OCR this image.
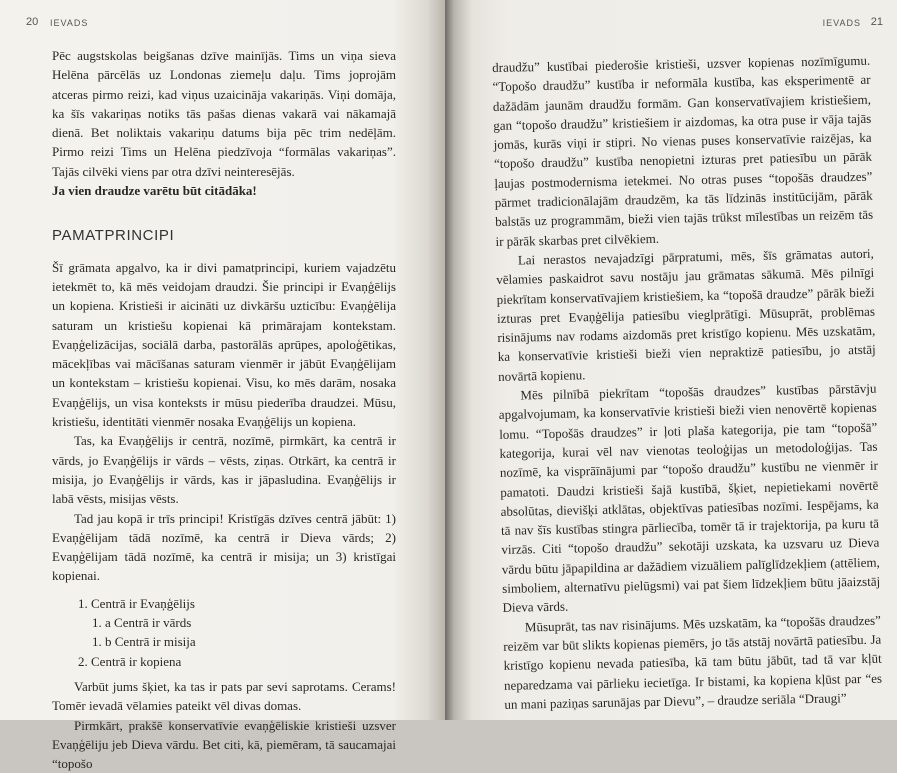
20 IEVADS

Pēc augstskolas beigšanas dzīve mainījās. Tims un viņa sieva Helēna pārcēlās uz Londonas ziemeļu daļu. Tims joprojām atceras pirmo reizi, kad viņus uzaicināja vakariņās. Viņi domāja, ka šīs vakariņas notiks tās pašas dienas vakarā vai nākamajā dienā. Bet noliktais vakariņu datums bija pēc trim nedēļām. Pirmo reizi Tims un Helēna piedzīvoja “formālas vakariņas”. Tajās cilvēki viens par otra dzīvi neinteresējās.

Ja vien draudze varētu būt citādāka!

PAMATPRINCIPI

Šī grāmata apgalvo, ka ir divi pamatprincipi, kuriem vajadzētu ietekmēt to, kā mēs veidojam draudzi. Šie principi ir Evaņģēlijs un kopiena. Kristieši ir aicināti uz divkāršu uzticību: Evaņģēlija saturam un kristiešu kopienai kā primārajam kontekstam. Evaņģelizācijas, sociālā darba, pastorālās aprūpes, apoloģētikas, mācekļības vai mācīšanas saturam vienmēr ir jābūt Evaņģēlijam un kontekstam – kristiešu kopienai. Visu, ko mēs darām, nosaka Evaņģēlijs, un visa konteksts ir mūsu piederība draudzei. Mūsu, kristiešu, identitāti vienmēr nosaka Evaņģēlijs un kopiena.

Tas, ka Evaņģēlijs ir centrā, nozīmē, pirmkārt, ka centrā ir vārds, jo Evaņģēlijs ir vārds – vēsts, ziņas. Otrkārt, ka centrā ir misija, jo Evaņģēlijs ir vārds, kas ir jāpasludina. Evaņģēlijs ir labā vēsts, misijas vēsts.

Tad jau kopā ir trīs principi! Kristīgās dzīves centrā jābūt: 1) Evaņģēlijam tādā nozīmē, ka centrā ir Dieva vārds; 2) Evaņģēlijam tādā nozīmē, ka centrā ir misija; un 3) kristīgai kopienai.

1. Centrā ir Evaņģēlijs
1. a Centrā ir vārds
1. b Centrā ir misija
2. Centrā ir kopiena

Varbūt jums šķiet, ka tas ir pats par sevi saprotams. Cerams! Tomēr ievadā vēlamies pateikt vēl divas domas.

Pirmkārt, prakšē konservatīvie evaņģēliskie kristieši uzsver Evaņģēliju jeb Dieva vārdu. Bet citi, kā, piemēram, tā saucamajai “topošo

IEVADS 21

draudžu” kustībai piederošie kristieši, uzsver kopienas nozīmīgumu. “Topošo draudžu” kustība ir neformāla kustība, kas eksperimentē ar dažādām jaunām draudžu formām. Gan konservatīvajiem kristiešiem, gan “topošo draudžu” kristiešiem ir aizdomas, ka otra puse ir vāja tajās jomās, kurās viņi ir stipri. No vienas puses konservatīvie raizējas, ka “topošo draudžu” kustība nenopietni izturas pret patiesību un pārāk ļaujas postmodernisma ietekmei. No otras puses “topošās draudzes” pārmet tradicionālajām draudzēm, ka tās līdzinās institūcijām, pārāk balstās uz programmām, bieži vien tajās trūkst mīlestības un reizēm tās ir pārāk skarbas pret cilvēkiem.

Lai nerastos nevajadzīgi pārpratumi, mēs, šīs grāmatas autori, vēlamies paskaidrot savu nostāju jau grāmatas sākumā. Mēs pilnīgi piekrītam konservatīvajiem kristiešiem, ka “topošā draudze” pārāk bieži izturas pret Evaņģēlija patiesību vieglprātīgi. Mūsuprāt, problēmas risinājums nav rodams aizdomās pret kristīgo kopienu. Mēs uzskatām, ka konservatīvie kristieši bieži vien nepraktizē patiesību, jo atstāj novārtā kopienu.

Mēs pilnībā piekrītam “topošās draudzes” kustības pārstāvju apgalvojumam, ka konservatīvie kristieši bieži vien nenovērtē kopienas lomu. “Topošās draudzes” ir ļoti plaša kategorija, pie tam “topošā” kategorija, kurai vēl nav vienotas teoloģijas un metodoloģijas. Tas nozīmē, ka visprāīnājumi par “topošo draudžu” kustību ne vienmēr ir pamatoti. Daudzi kristieši šajā kustībā, šķiet, nepietiekami novērtē absolūtas, dievišķi atklātas, objektīvas patiesības nozīmi. Iespējams, ka tā nav šīs kustības stingra pārliecība, tomēr tā ir trajektorija, pa kuru tā virzās. Citi “topošo draudžu” sekotāji uzskata, ka uzsvaru uz Dieva vārdu būtu jāpapildina ar dažādiem vizuāliem palīglīdzekļiem (attēliem, simboliem, alternatīvu pielūgsmi) vai pat šiem līdzekļiem būtu jāaizstāj Dieva vārds.

Mūsuprāt, tas nav risinājums. Mēs uzskatām, ka “topošās draudzes” reizēm var būt slikts kopienas piemērs, jo tās atstāj novārtā patiesību. Ja kristīgo kopienu nevada patiesība, kā tam būtu jābūt, tad tā var kļūt neparedzama vai pārlieku iecietīga. Ir bistami, ka kopiena kļūst par “es un mani paziņas sarunājas par Dievu”, – draudze seriāla “Draugi”
